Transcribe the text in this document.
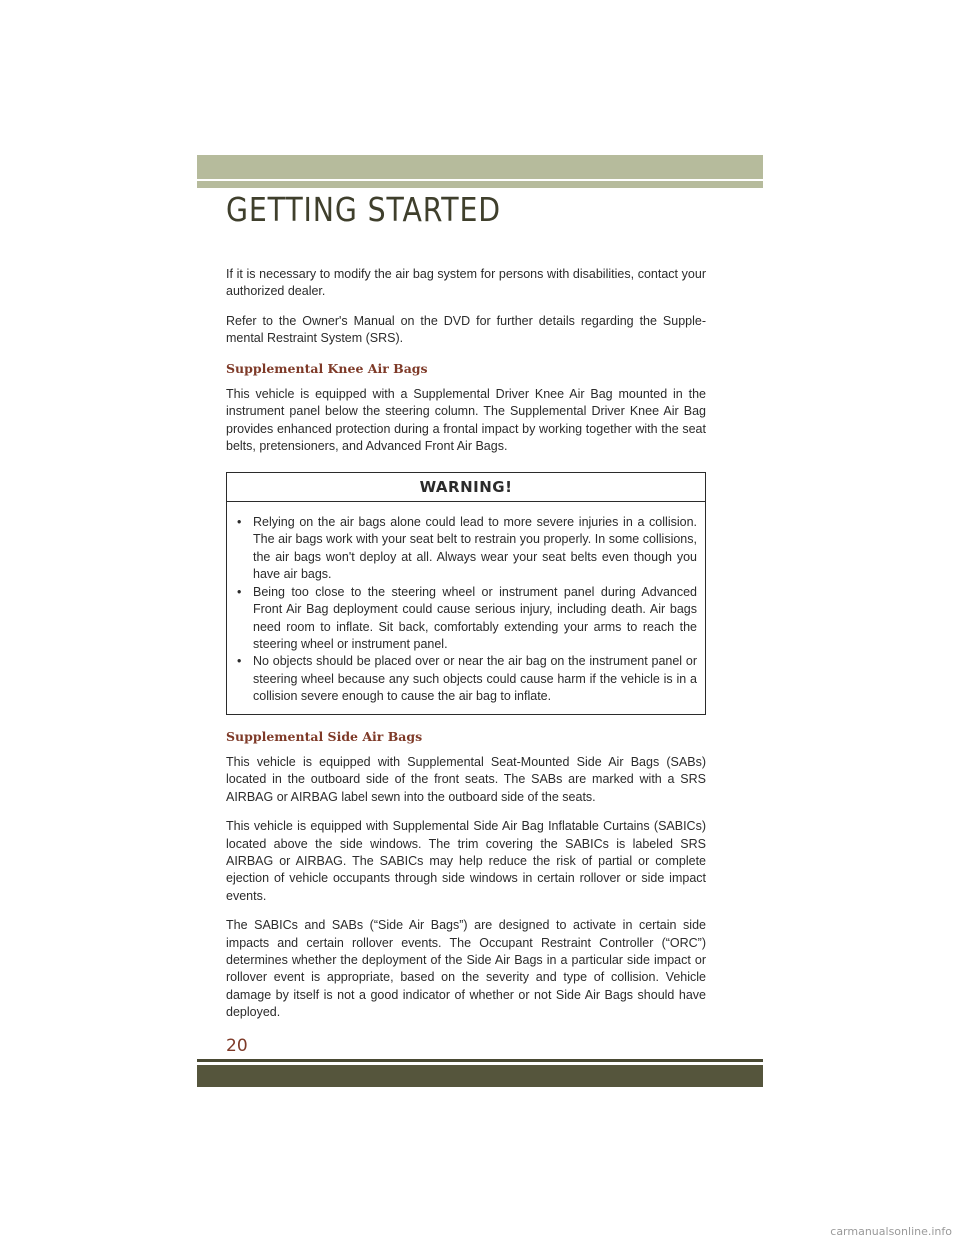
GETTING STARTED

If it is necessary to modify the air bag system for persons with disabilities, contact your authorized dealer.

Refer to the Owner's Manual on the DVD for further details regarding the Supple-mental Restraint System (SRS).

Supplemental Knee Air Bags

This vehicle is equipped with a Supplemental Driver Knee Air Bag mounted in the instrument panel below the steering column. The Supplemental Driver Knee Air Bag provides enhanced protection during a frontal impact by working together with the seat belts, pretensioners, and Advanced Front Air Bags.

WARNING!
• Relying on the air bags alone could lead to more severe injuries in a collision. The air bags work with your seat belt to restrain you properly. In some collisions, the air bags won't deploy at all. Always wear your seat belts even though you have air bags.
• Being too close to the steering wheel or instrument panel during Advanced Front Air Bag deployment could cause serious injury, including death. Air bags need room to inflate. Sit back, comfortably extending your arms to reach the steering wheel or instrument panel.
• No objects should be placed over or near the air bag on the instrument panel or steering wheel because any such objects could cause harm if the vehicle is in a collision severe enough to cause the air bag to inflate.
Supplemental Side Air Bags

This vehicle is equipped with Supplemental Seat-Mounted Side Air Bags (SABs) located in the outboard side of the front seats. The SABs are marked with a SRS AIRBAG or AIRBAG label sewn into the outboard side of the seats.

This vehicle is equipped with Supplemental Side Air Bag Inflatable Curtains (SABICs) located above the side windows. The trim covering the SABICs is labeled SRS AIRBAG or AIRBAG. The SABICs may help reduce the risk of partial or complete ejection of vehicle occupants through side windows in certain rollover or side impact events.

The SABICs and SABs (“Side Air Bags”) are designed to activate in certain side impacts and certain rollover events. The Occupant Restraint Controller (“ORC”) determines whether the deployment of the Side Air Bags in a particular side impact or rollover event is appropriate, based on the severity and type of collision. Vehicle damage by itself is not a good indicator of whether or not Side Air Bags should have deployed.

20
carmanualsonline.info
